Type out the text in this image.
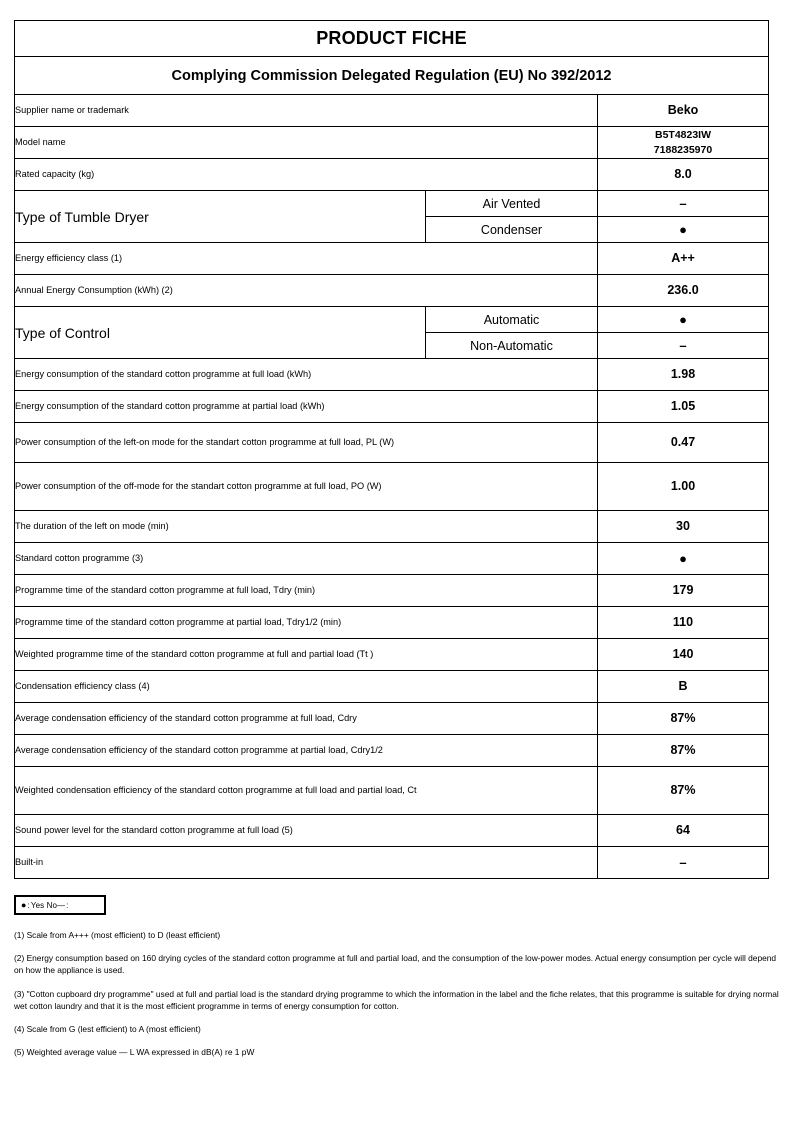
PRODUCT FICHE		
Complying Commission Delegated Regulation (EU) No 392/2012		
Supplier name or trademark		Beko
Model name		B5T4823IW
7188235970

Rated capacity (kg)		8.0
Type of Tumble Dryer	Air Vented	–
	Condenser	●
Energy efficiency class (1)		A++
Annual Energy Consumption (kWh) (2)		236.0
Type of Control	Automatic	●
	Non-Automatic	–
Energy consumption of the standard cotton programme at full load (kWh)		1.98
Energy consumption of the standard cotton programme at partial load (kWh)		1.05
Power consumption of the left-on mode for the standart cotton programme at full load, PL (W)		0.47
Power consumption of the off-mode for the standart cotton programme at full load, PO (W)		1.00
The duration of the left on mode (min)		30
Standard cotton programme (3)		●
Programme time of the standard cotton programme at full load, Tdry (min)		179
Programme time of the standard cotton programme at partial load, Tdry1/2 (min)		110
Weighted programme time of the standard cotton programme at full and partial load (Tt )		140
Condensation efficiency class (4)		B
Average condensation efficiency of the standard cotton programme at full load, Cdry		87%
Average condensation efficiency of the standard cotton programme at partial load, Cdry1/2		87%
Weighted condensation efficiency of the standard cotton programme at full load and partial load, Ct		87%
Sound power level for the standard cotton programme at full load (5)		64
Built-in		–
● : Yes
No — :
(1) Scale from A+++ (most efficient) to D (least efficient)
(2) Energy consumption based on 160 drying cycles of the standard cotton programme at full and partial load, and the consumption of the low-power modes. Actual energy consumption per cycle will depend on how the appliance is used.
(3) "Cotton cupboard dry programme" used at full and partial load is the standard drying programme to which the information in the label and the fiche relates, that this programme is suitable for drying normal wet cotton laundry and that it is the most efficient programme in terms of energy consumption for cotton.
(4) Scale from G (lest efficient) to A (most efficient)
(5) Weighted average value — L WA expressed in dB(A) re 1 pW
